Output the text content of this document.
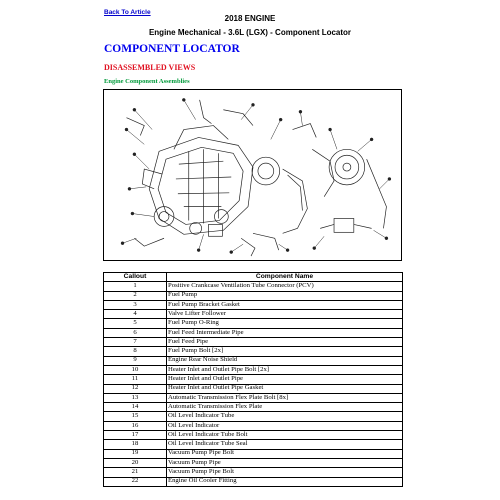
Back To Article
2018 ENGINE
Engine Mechanical - 3.6L (LGX) - Component Locator
COMPONENT LOCATOR
DISASSEMBLED VIEWS
Engine Component Assemblies
Callout	Component Name
1	Positive Crankcase Ventilation Tube Connector (PCV)
2	Fuel Pump
3	Fuel Pump Bracket Gasket
4	Valve Lifter Follower
5	Fuel Pump O-Ring
6	Fuel Feed Intermediate Pipe
7	Fuel Feed Pipe
8	Fuel Pump Bolt [2x]
9	Engine Rear Noise Shield
10	Heater Inlet and Outlet Pipe Bolt [2x]
11	Heater Inlet and Outlet Pipe
12	Heater Inlet and Outlet Pipe Gasket
13	Automatic Transmission Flex Plate Bolt [8x]
14	Automatic Transmission Flex Plate
15	Oil Level Indicator Tube
16	Oil Level Indicator
17	Oil Level Indicator Tube Bolt
18	Oil Level Indicator Tube Seal
19	Vacuum Pump Pipe Bolt
20	Vacuum Pump Pipe
21	Vacuum Pump Pipe Bolt
22	Engine Oil Cooler Fitting
